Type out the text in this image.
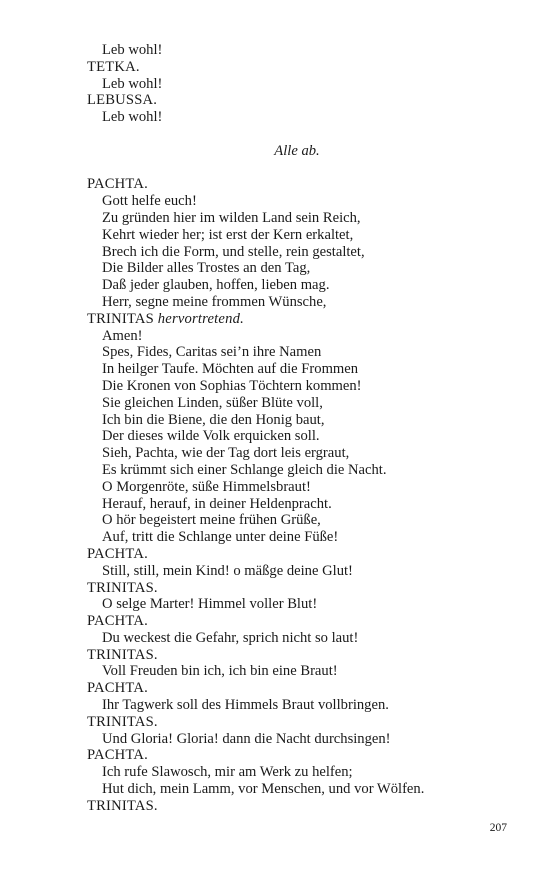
Leb wohl!
TETKA.
Leb wohl!
LEBUSSA.
Leb wohl!
Alle ab.
PACHTA.
Gott helfe euch!
Zu gründen hier im wilden Land sein Reich,
Kehrt wieder her; ist erst der Kern erkaltet,
Brech ich die Form, und stelle, rein gestaltet,
Die Bilder alles Trostes an den Tag,
Daß jeder glauben, hoffen, lieben mag.
Herr, segne meine frommen Wünsche,
TRINITAS hervortretend.
Amen!
Spes, Fides, Caritas sei’n ihre Namen
In heilger Taufe. Möchten auf die Frommen
Die Kronen von Sophias Töchtern kommen!
Sie gleichen Linden, süßer Blüte voll,
Ich bin die Biene, die den Honig baut,
Der dieses wilde Volk erquicken soll.
Sieh, Pachta, wie der Tag dort leis ergraut,
Es krümmt sich einer Schlange gleich die Nacht.
O Morgenröte, süße Himmelsbraut!
Herauf, herauf, in deiner Heldenpracht.
O hör begeistert meine frühen Grüße,
Auf, tritt die Schlange unter deine Füße!
PACHTA.
Still, still, mein Kind! o mäßge deine Glut!
TRINITAS.
O selge Marter! Himmel voller Blut!
PACHTA.
Du weckest die Gefahr, sprich nicht so laut!
TRINITAS.
Voll Freuden bin ich, ich bin eine Braut!
PACHTA.
Ihr Tagwerk soll des Himmels Braut vollbringen.
TRINITAS.
Und Gloria! Gloria! dann die Nacht durchsingen!
PACHTA.
Ich rufe Slawosch, mir am Werk zu helfen;
Hut dich, mein Lamm, vor Menschen, und vor Wölfen.
TRINITAS.
207
